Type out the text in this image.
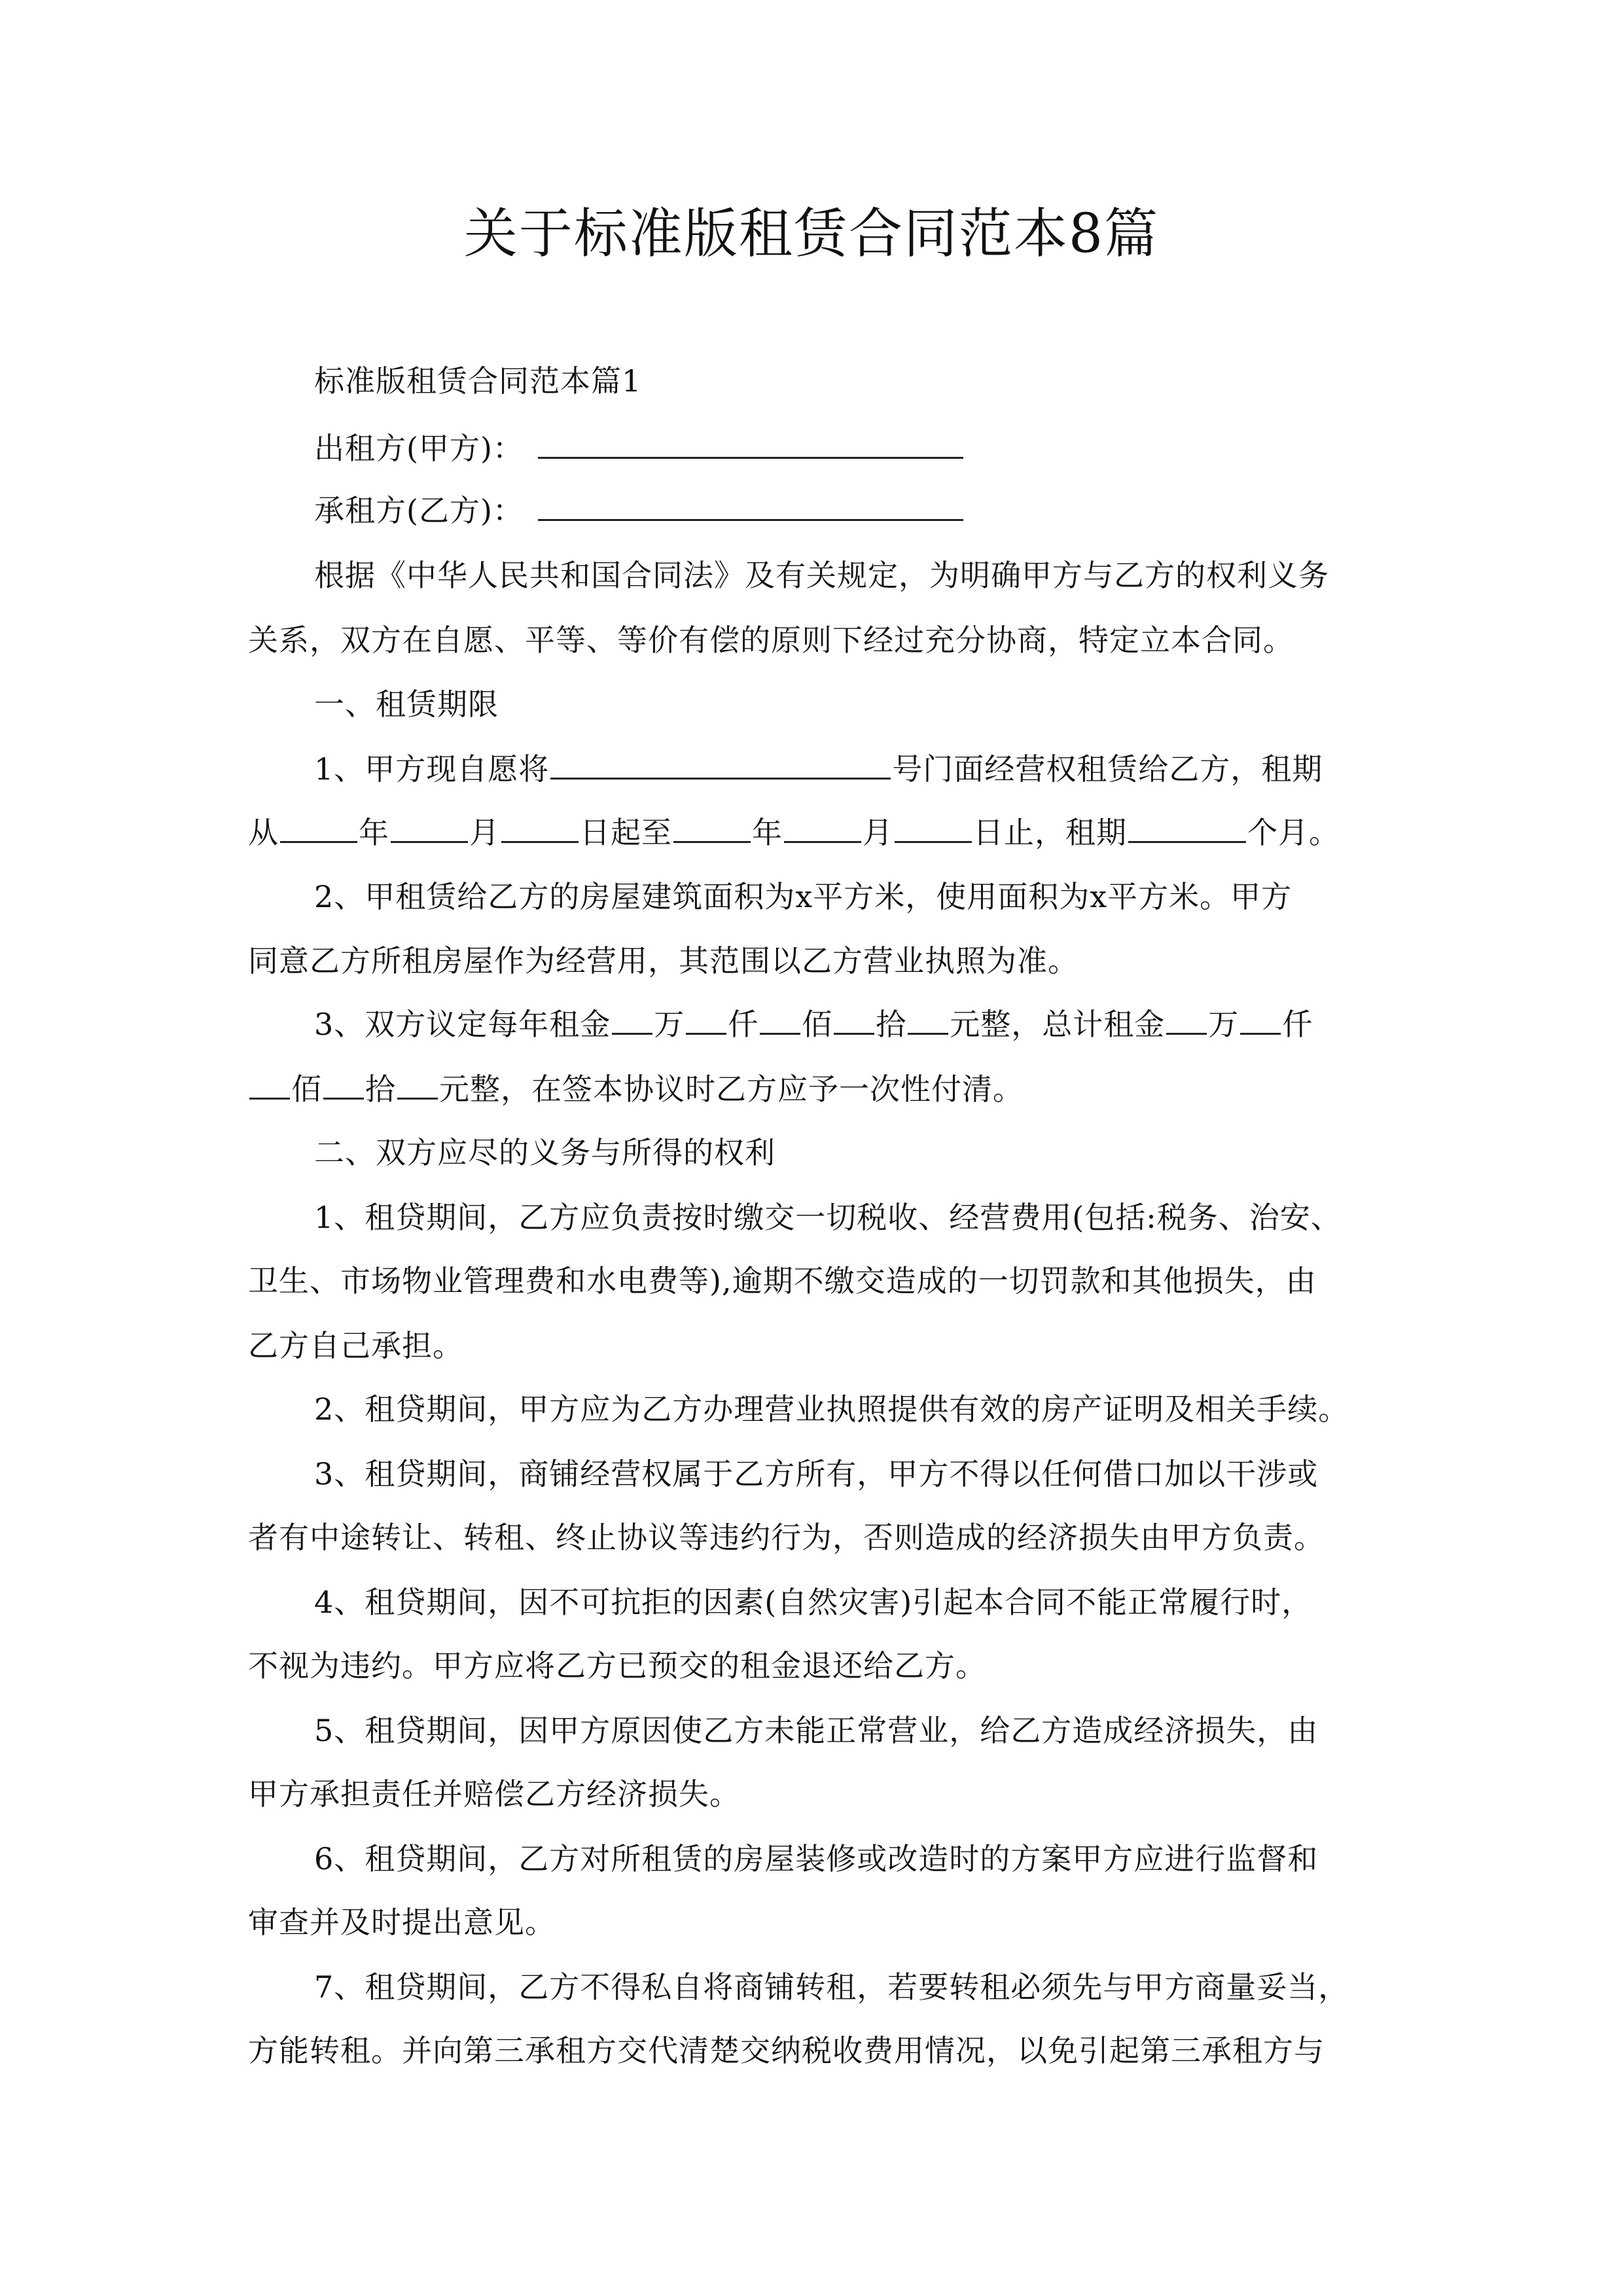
关于标准版租赁合同范本8篇
标准版租赁合同范本篇1
出租方(甲方)：
承租方(乙方)：
根据《中华人民共和国合同法》及有关规定，为明确甲方与乙方的权利义务
关系，双方在自愿、平等、等价有偿的原则下经过充分协商，特定立本合同。
一、租赁期限
1、甲方现自愿将	号门面经营权租赁给乙方，租期
从	年	月	日起至	年	月	日止，租期	个月。
2、甲租赁给乙方的房屋建筑面积为x平方米，使用面积为x平方米。甲方
同意乙方所租房屋作为经营用，其范围以乙方营业执照为准。
3、双方议定每年租金 万 仟 佰 拾 元整，总计租金 万 仟
佰 拾 元整，在签本协议时乙方应予一次性付清。
二、双方应尽的义务与所得的权利
1、租贷期间，乙方应负责按时缴交一切税收、经营费用(包括:税务、治安、
卫生、市场物业管理费和水电费等),逾期不缴交造成的一切罚款和其他损失，由
乙方自己承担。
2、租贷期间，甲方应为乙方办理营业执照提供有效的房产证明及相关手续。
3、租贷期间，商铺经营权属于乙方所有，甲方不得以任何借口加以干涉或
者有中途转让、转租、终止协议等违约行为，否则造成的经济损失由甲方负责。
4、租贷期间，因不可抗拒的因素(自然灾害)引起本合同不能正常履行时，
不视为违约。甲方应将乙方已预交的租金退还给乙方。
5、租贷期间，因甲方原因使乙方未能正常营业，给乙方造成经济损失，由
甲方承担责任并赔偿乙方经济损失。
6、租贷期间，乙方对所租赁的房屋装修或改造时的方案甲方应进行监督和
审查并及时提出意见。
7、租贷期间，乙方不得私自将商铺转租，若要转租必须先与甲方商量妥当，
方能转租。并向第三承租方交代清楚交纳税收费用情况，以免引起第三承租方与
